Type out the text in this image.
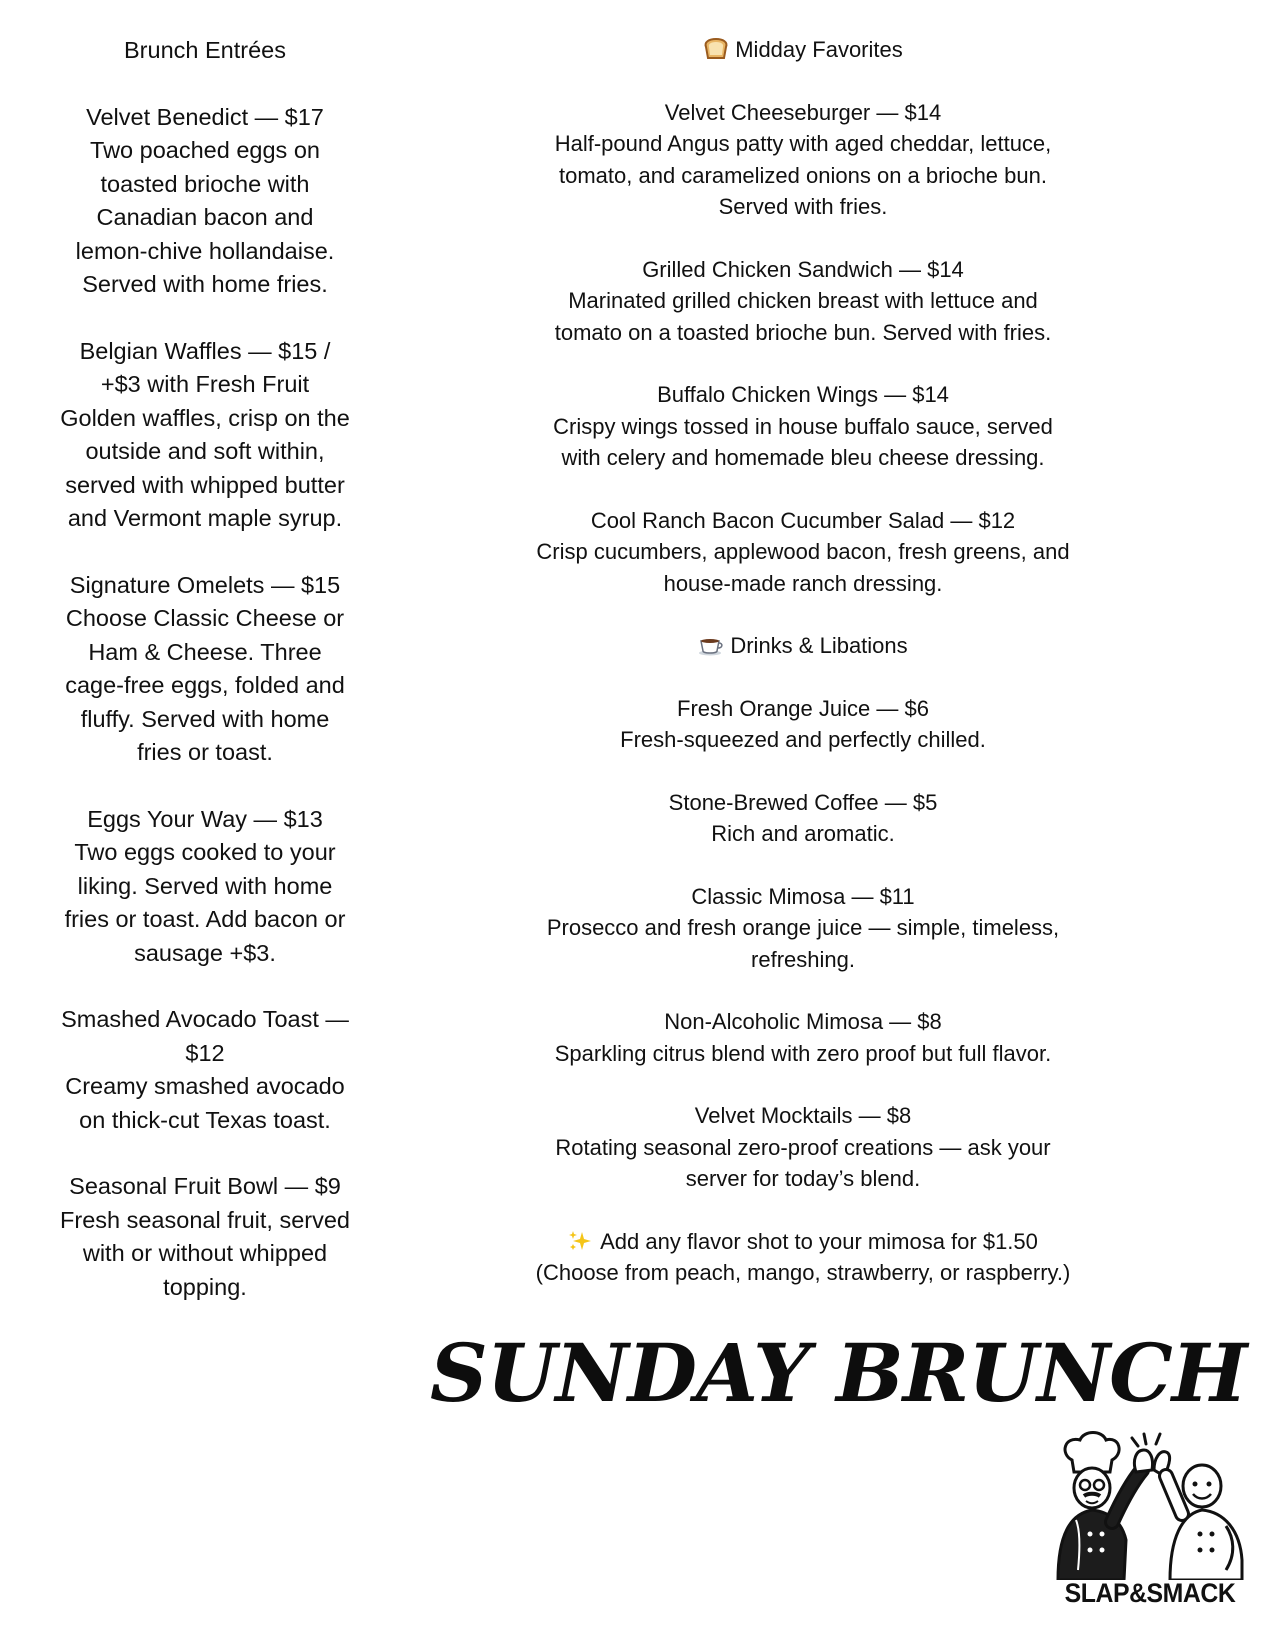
Brunch Entrées
Velvet Benedict — $17
Two poached eggs on toasted brioche with Canadian bacon and lemon-chive hollandaise. Served with home fries.
Belgian Waffles — $15 / +$3 with Fresh Fruit
Golden waffles, crisp on the outside and soft within, served with whipped butter and Vermont maple syrup.
Signature Omelets — $15
Choose Classic Cheese or Ham & Cheese. Three cage-free eggs, folded and fluffy. Served with home fries or toast.
Eggs Your Way — $13
Two eggs cooked to your liking. Served with home fries or toast. Add bacon or sausage +$3.
Smashed Avocado Toast — $12
Creamy smashed avocado on thick-cut Texas toast.
Seasonal Fruit Bowl — $9
Fresh seasonal fruit, served with or without whipped topping.
Midday Favorites
Velvet Cheeseburger — $14
Half-pound Angus patty with aged cheddar, lettuce,
tomato, and caramelized onions on a brioche bun.
Served with fries.
Grilled Chicken Sandwich — $14
Marinated grilled chicken breast with lettuce and
tomato on a toasted brioche bun. Served with fries.
Buffalo Chicken Wings — $14
Crispy wings tossed in house buffalo sauce, served
with celery and homemade bleu cheese dressing.
Cool Ranch Bacon Cucumber Salad — $12
Crisp cucumbers, applewood bacon, fresh greens, and
house-made ranch dressing.
Drinks & Libations
Fresh Orange Juice — $6
Fresh-squeezed and perfectly chilled.
Stone-Brewed Coffee — $5
Rich and aromatic.
Classic Mimosa — $11
Prosecco and fresh orange juice — simple, timeless,
refreshing.
Non-Alcoholic Mimosa — $8
Sparkling citrus blend with zero proof but full flavor.
Velvet Mocktails — $8
Rotating seasonal zero-proof creations — ask your
server for today’s blend.
Add any flavor shot to your mimosa for $1.50
(Choose from peach, mango, strawberry, or raspberry.)
SUNDAY BRUNCH
SLAP&SMACK
